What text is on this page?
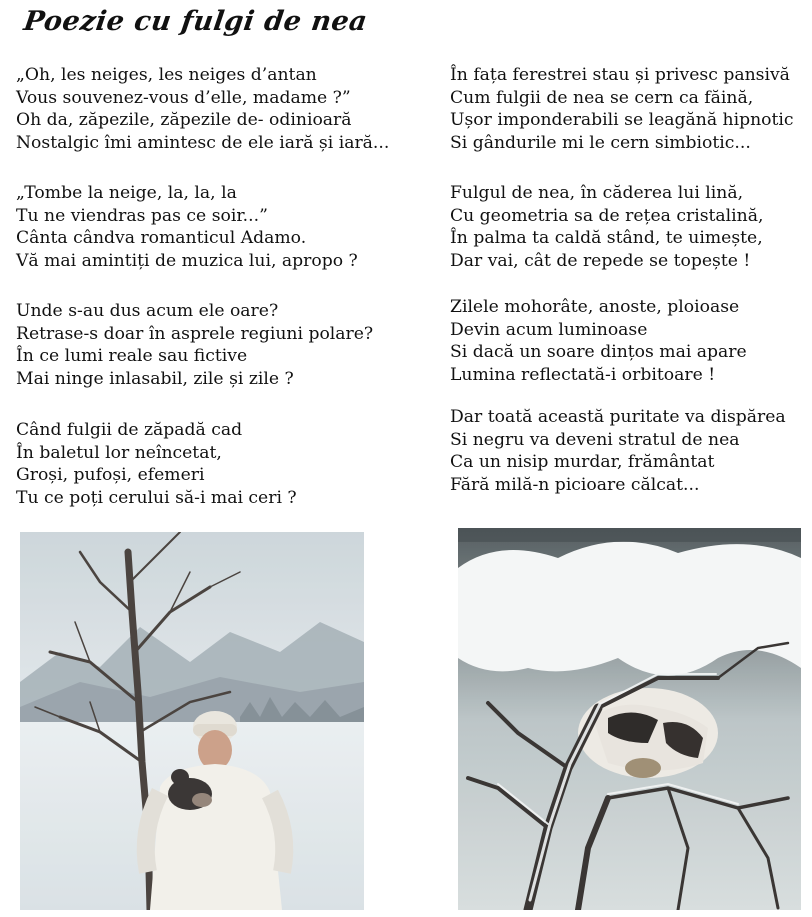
Poezie cu fulgi de nea
„Oh, les neiges, les neiges d’antan
Vous souvenez-vous d’elle, madame ?”
Oh da, zăpezile, zăpezile de- odinioară
Nostalgic îmi amintesc de ele iară și iară...
„Tombe la neige, la, la, la
Tu ne viendras pas ce soir...”
Cânta cândva romanticul Adamo.
Vă mai amintiți de muzica lui, apropo ?
Unde s-au dus acum ele oare?
Retrase-s doar în asprele regiuni polare?
În ce lumi reale sau fictive
Mai ninge inlasabil, zile și zile ?
Când fulgii de zăpadă cad
În baletul lor neîncetat,
Groși, pufoși, efemeri
Tu ce poți cerului să-i mai ceri ?
În fața ferestrei stau și privesc pansivă
Cum fulgii de nea se cern ca făină,
Ușor imponderabili se leagănă hipnotic
Si gândurile mi le cern simbiotic...
Fulgul de nea, în căderea lui lină,
Cu geometria sa de rețea cristalină,
În palma ta caldă stând, te uimește,
Dar vai, cât de repede se topește !
Zilele mohorâte, anoste, ploioase
Devin acum luminoase
Si dacă un soare dințos mai apare
Lumina reflectată-i orbitoare !
Dar toată această puritate va dispărea
Si negru va deveni stratul de nea
Ca un nisip murdar, frământat
Fără milă-n picioare călcat...
